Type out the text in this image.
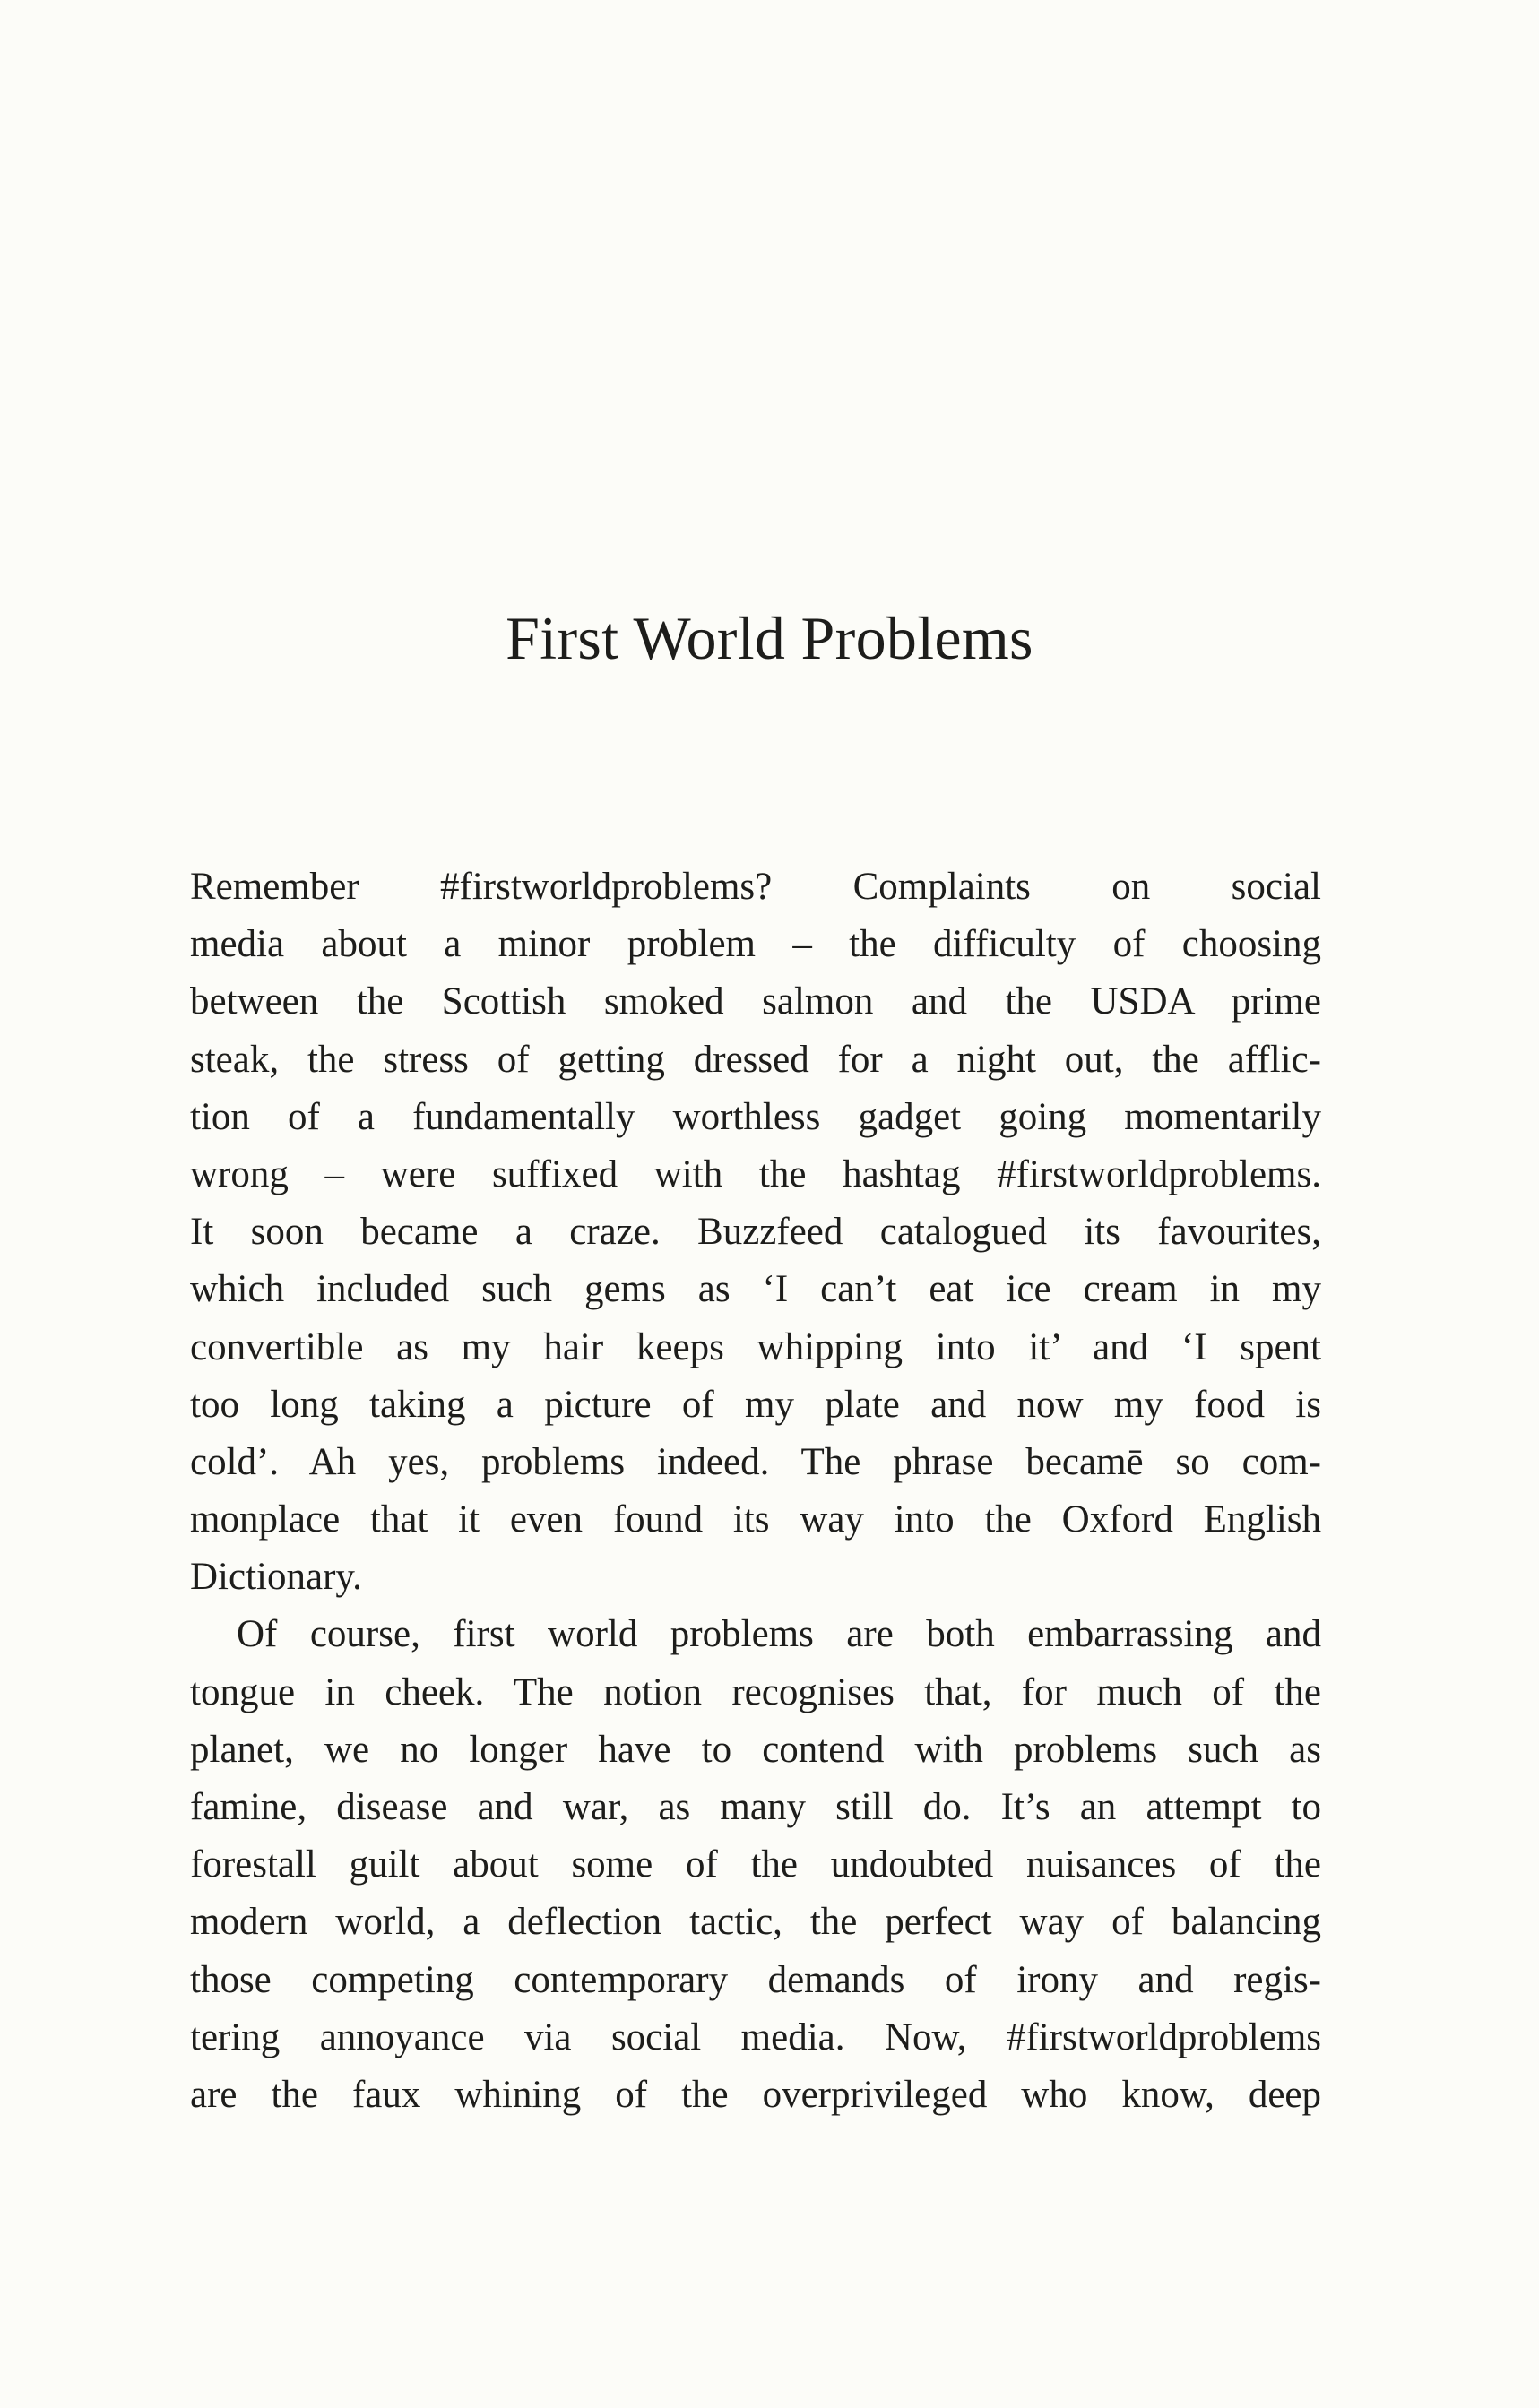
First World Problems
Remember #firstworldproblems? Complaints on social
media about a minor problem – the difficulty of choosing
between the Scottish smoked salmon and the USDA prime
steak, the stress of getting dressed for a night out, the afflic-
tion of a fundamentally worthless gadget going momentarily
wrong – were suffixed with the hashtag #firstworldproblems.
It soon became a craze. Buzzfeed catalogued its favourites,
which included such gems as ‘I can’t eat ice cream in my
convertible as my hair keeps whipping into it’ and ‘I spent
too long taking a picture of my plate and now my food is
cold’. Ah yes, problems indeed. The phrase becamē so com-
monplace that it even found its way into the Oxford English
Dictionary.
Of course, first world problems are both embarrassing and
tongue in cheek. The notion recognises that, for much of the
planet, we no longer have to contend with problems such as
famine, disease and war, as many still do. It’s an attempt to
forestall guilt about some of the undoubted nuisances of the
modern world, a deflection tactic, the perfect way of balancing
those competing contemporary demands of irony and regis-
tering annoyance via social media. Now, #firstworldproblems
are the faux whining of the overprivileged who know, deep
